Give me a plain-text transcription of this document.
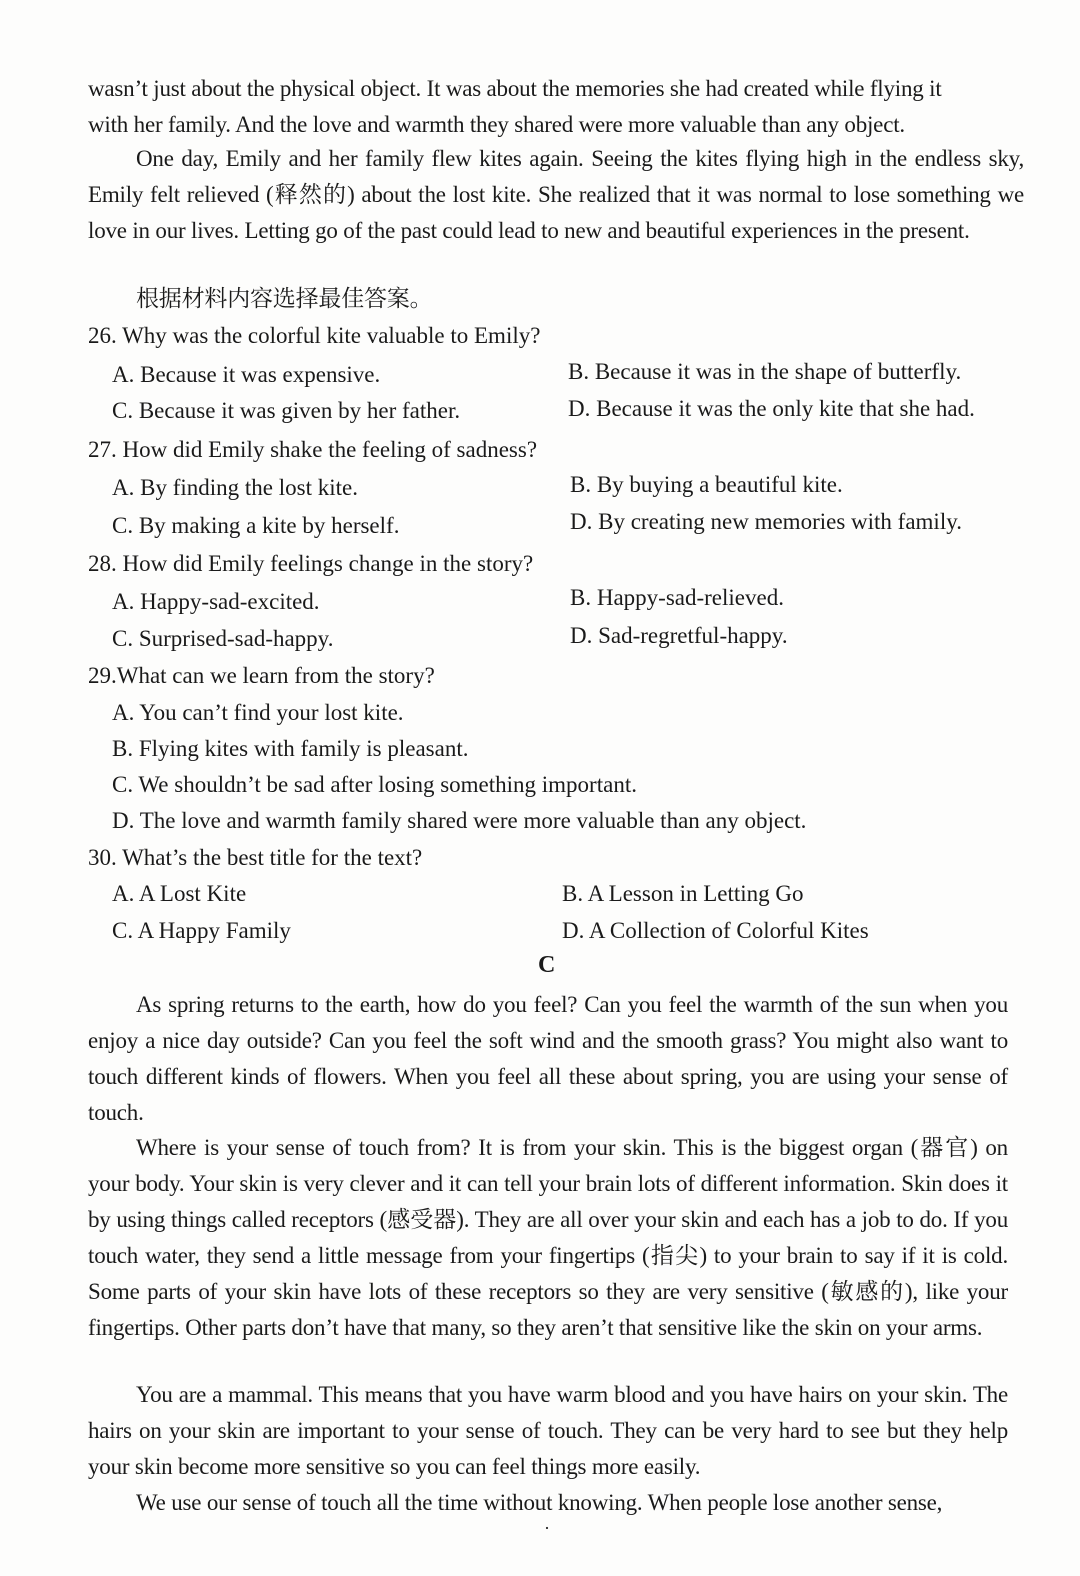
wasn’t just about the physical object. It was about the memories she had created while flying it
with her family. And the love and warmth they shared were more valuable than any object.
One day, Emily and her family flew kites again. Seeing the kites flying high in the endless sky, Emily felt relieved (释然的) about the lost kite. She realized that it was normal to lose something we love in our lives. Letting go of the past could lead to new and beautiful experiences in the present.
根据材料内容选择最佳答案。
26. Why was the colorful kite valuable to Emily?
A. Because it was expensive.	B. Because it was in the shape of butterfly.
C. Because it was given by her father.	D. Because it was the only kite that she had.
27. How did Emily shake the feeling of sadness?
A. By finding the lost kite.	B. By buying a beautiful kite.
C. By making a kite by herself.	D. By creating new memories with family.
28. How did Emily feelings change in the story?
A. Happy-sad-excited.	B. Happy-sad-relieved.
C. Surprised-sad-happy.	D. Sad-regretful-happy.
29.What can we learn from the story?
A. You can’t find your lost kite.
B. Flying kites with family is pleasant.
C. We shouldn’t be sad after losing something important.
D. The love and warmth family shared were more valuable than any object.
30. What’s the best title for the text?
A. A Lost Kite	B. A Lesson in Letting Go
C. A Happy Family	D. A Collection of Colorful Kites
C
As spring returns to the earth, how do you feel? Can you feel the warmth of the sun when you enjoy a nice day outside? Can you feel the soft wind and the smooth grass? You might also want to touch different kinds of flowers. When you feel all these about spring, you are using your sense of touch.
Where is your sense of touch from? It is from your skin. This is the biggest organ (器官) on your body. Your skin is very clever and it can tell your brain lots of different information. Skin does it by using things called receptors (感受器). They are all over your skin and each has a job to do. If you touch water, they send a little message from your fingertips (指尖) to your brain to say if it is cold. Some parts of your skin have lots of these receptors so they are very sensitive (敏感的), like your fingertips. Other parts don’t have that many, so they aren’t that sensitive like the skin on your arms.
You are a mammal. This means that you have warm blood and you have hairs on your skin. The hairs on your skin are important to your sense of touch. They can be very hard to see but they help your skin become more sensitive so you can feel things more easily.
We use our sense of touch all the time without knowing. When people lose another sense,
·
